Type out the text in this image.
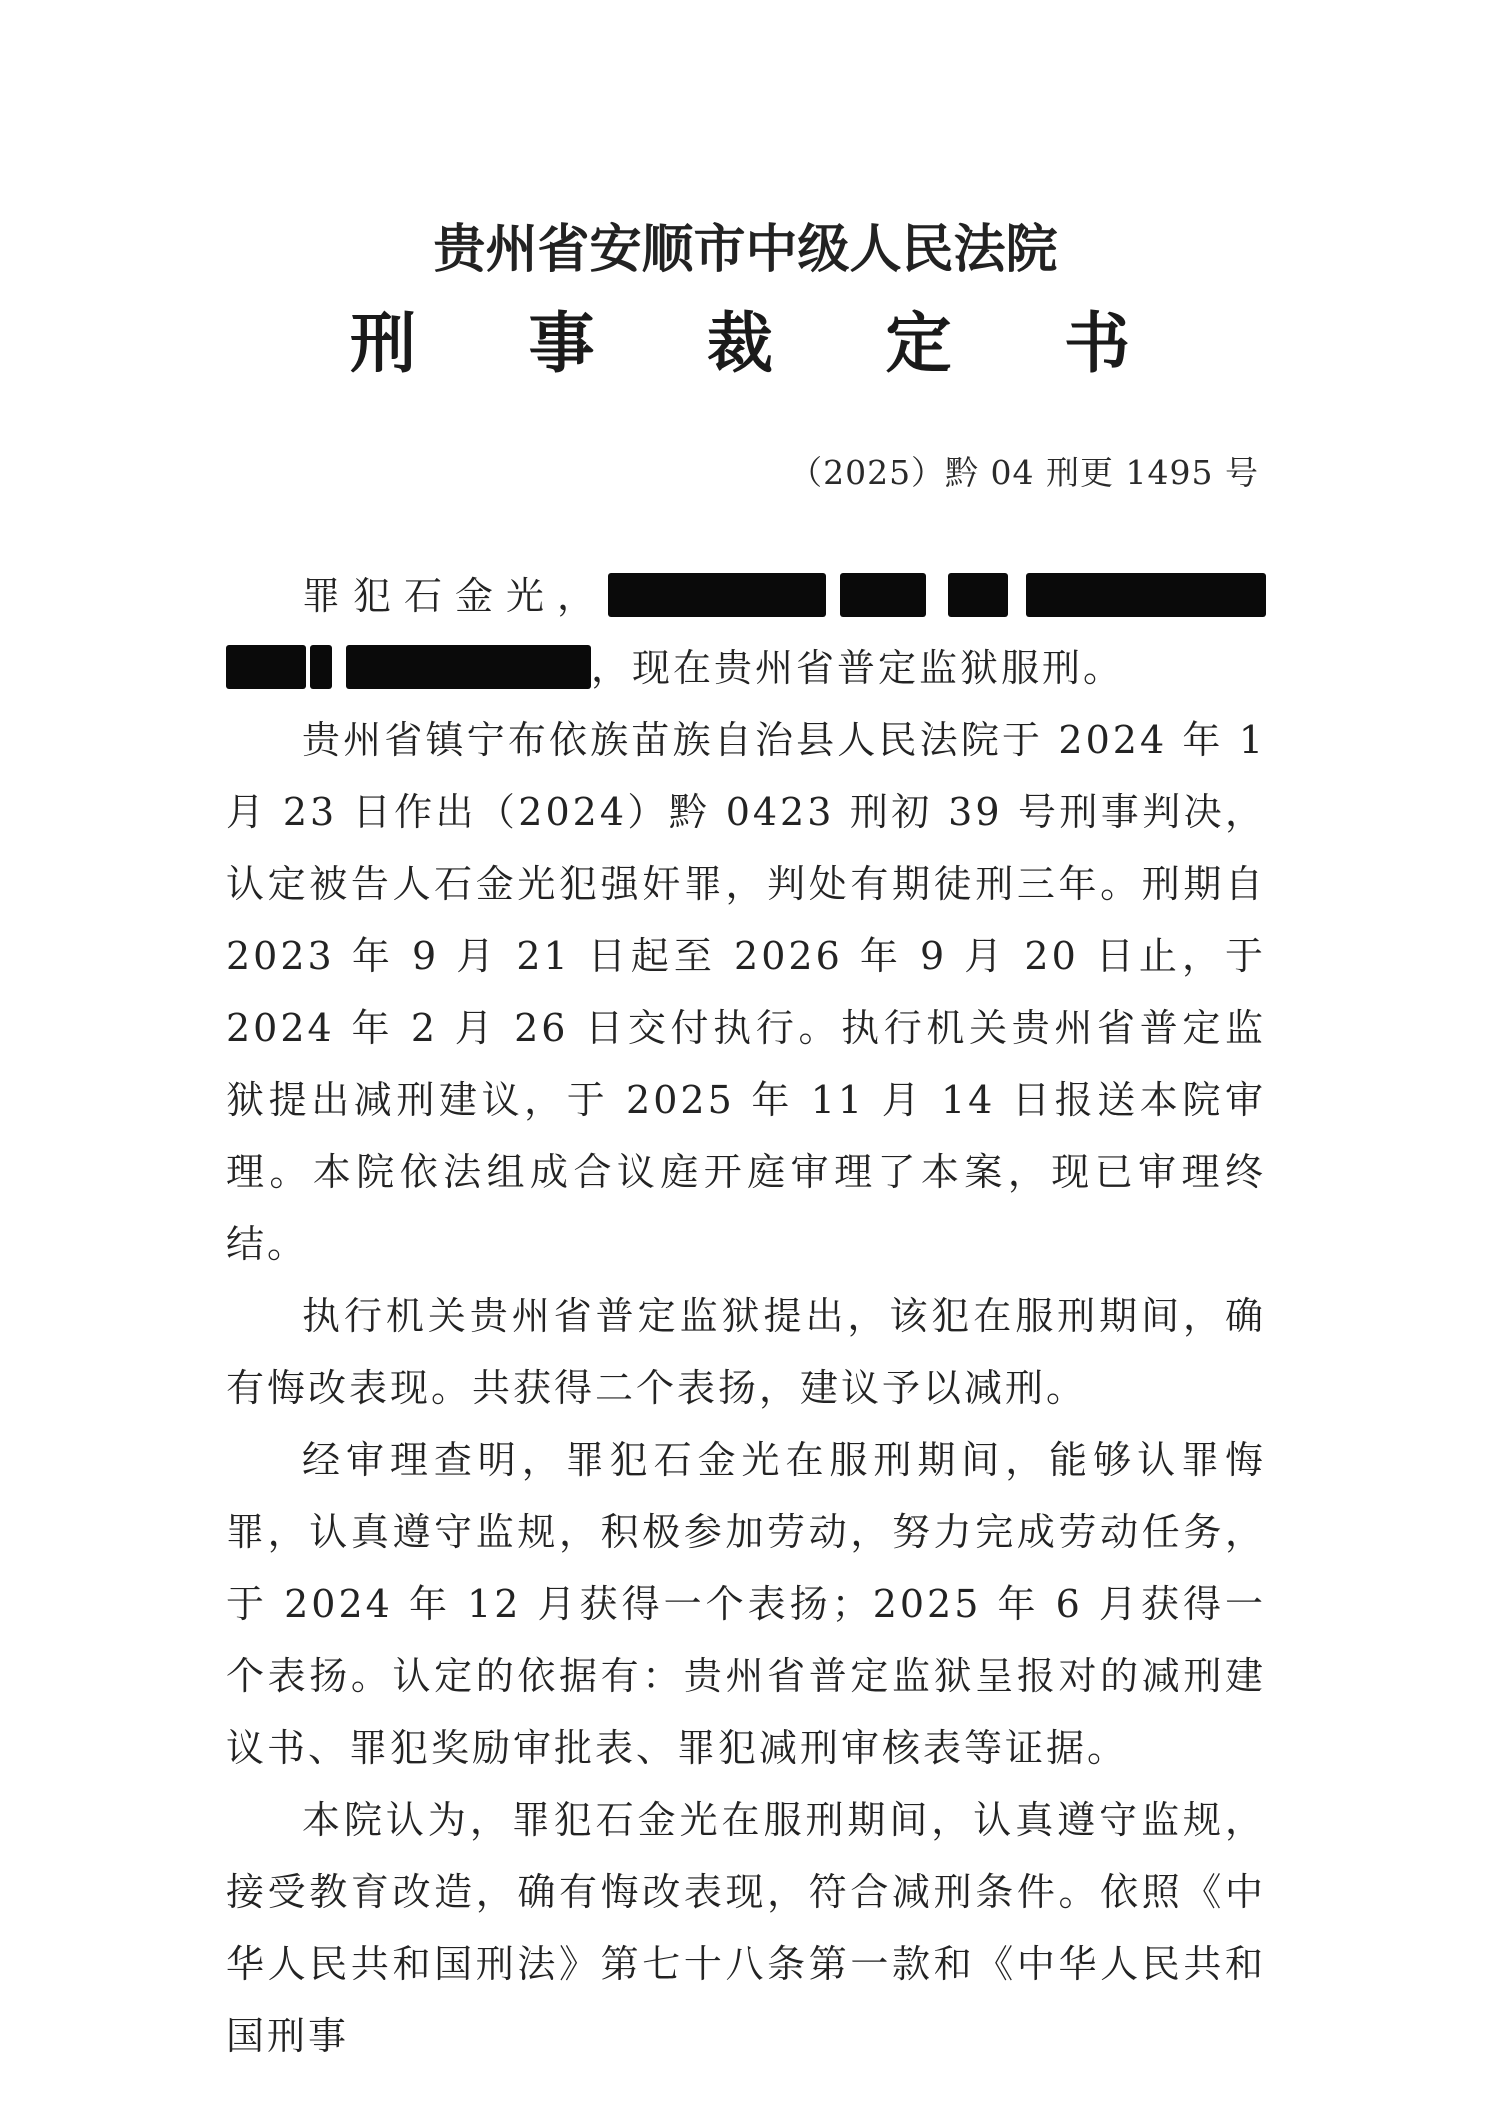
贵州省安顺市中级人民法院
刑 事 裁 定 书
（2025）黔 04 刑更 1495 号

罪犯石金光，，现在贵州省普定监狱服刑。

贵州省镇宁布依族苗族自治县人民法院于 2024 年 1 月 23 日作出（2024）黔 0423 刑初 39 号刑事判决，认定被告人石金光犯强奸罪，判处有期徒刑三年。刑期自 2023 年 9 月 21 日起至 2026 年 9 月 20 日止，于 2024 年 2 月 26 日交付执行。执行机关贵州省普定监狱提出减刑建议，于 2025 年 11 月 14 日报送本院审理。本院依法组成合议庭开庭审理了本案，现已审理终结。

执行机关贵州省普定监狱提出，该犯在服刑期间，确有悔改表现。共获得二个表扬，建议予以减刑。

经审理查明，罪犯石金光在服刑期间，能够认罪悔罪，认真遵守监规，积极参加劳动，努力完成劳动任务，于 2024 年 12 月获得一个表扬；2025 年 6 月获得一个表扬。认定的依据有：贵州省普定监狱呈报对的减刑建议书、罪犯奖励审批表、罪犯减刑审核表等证据。

本院认为，罪犯石金光在服刑期间，认真遵守监规，接受教育改造，确有悔改表现，符合减刑条件。依照《中华人民共和国刑法》第七十八条第一款和《中华人民共和国刑事
